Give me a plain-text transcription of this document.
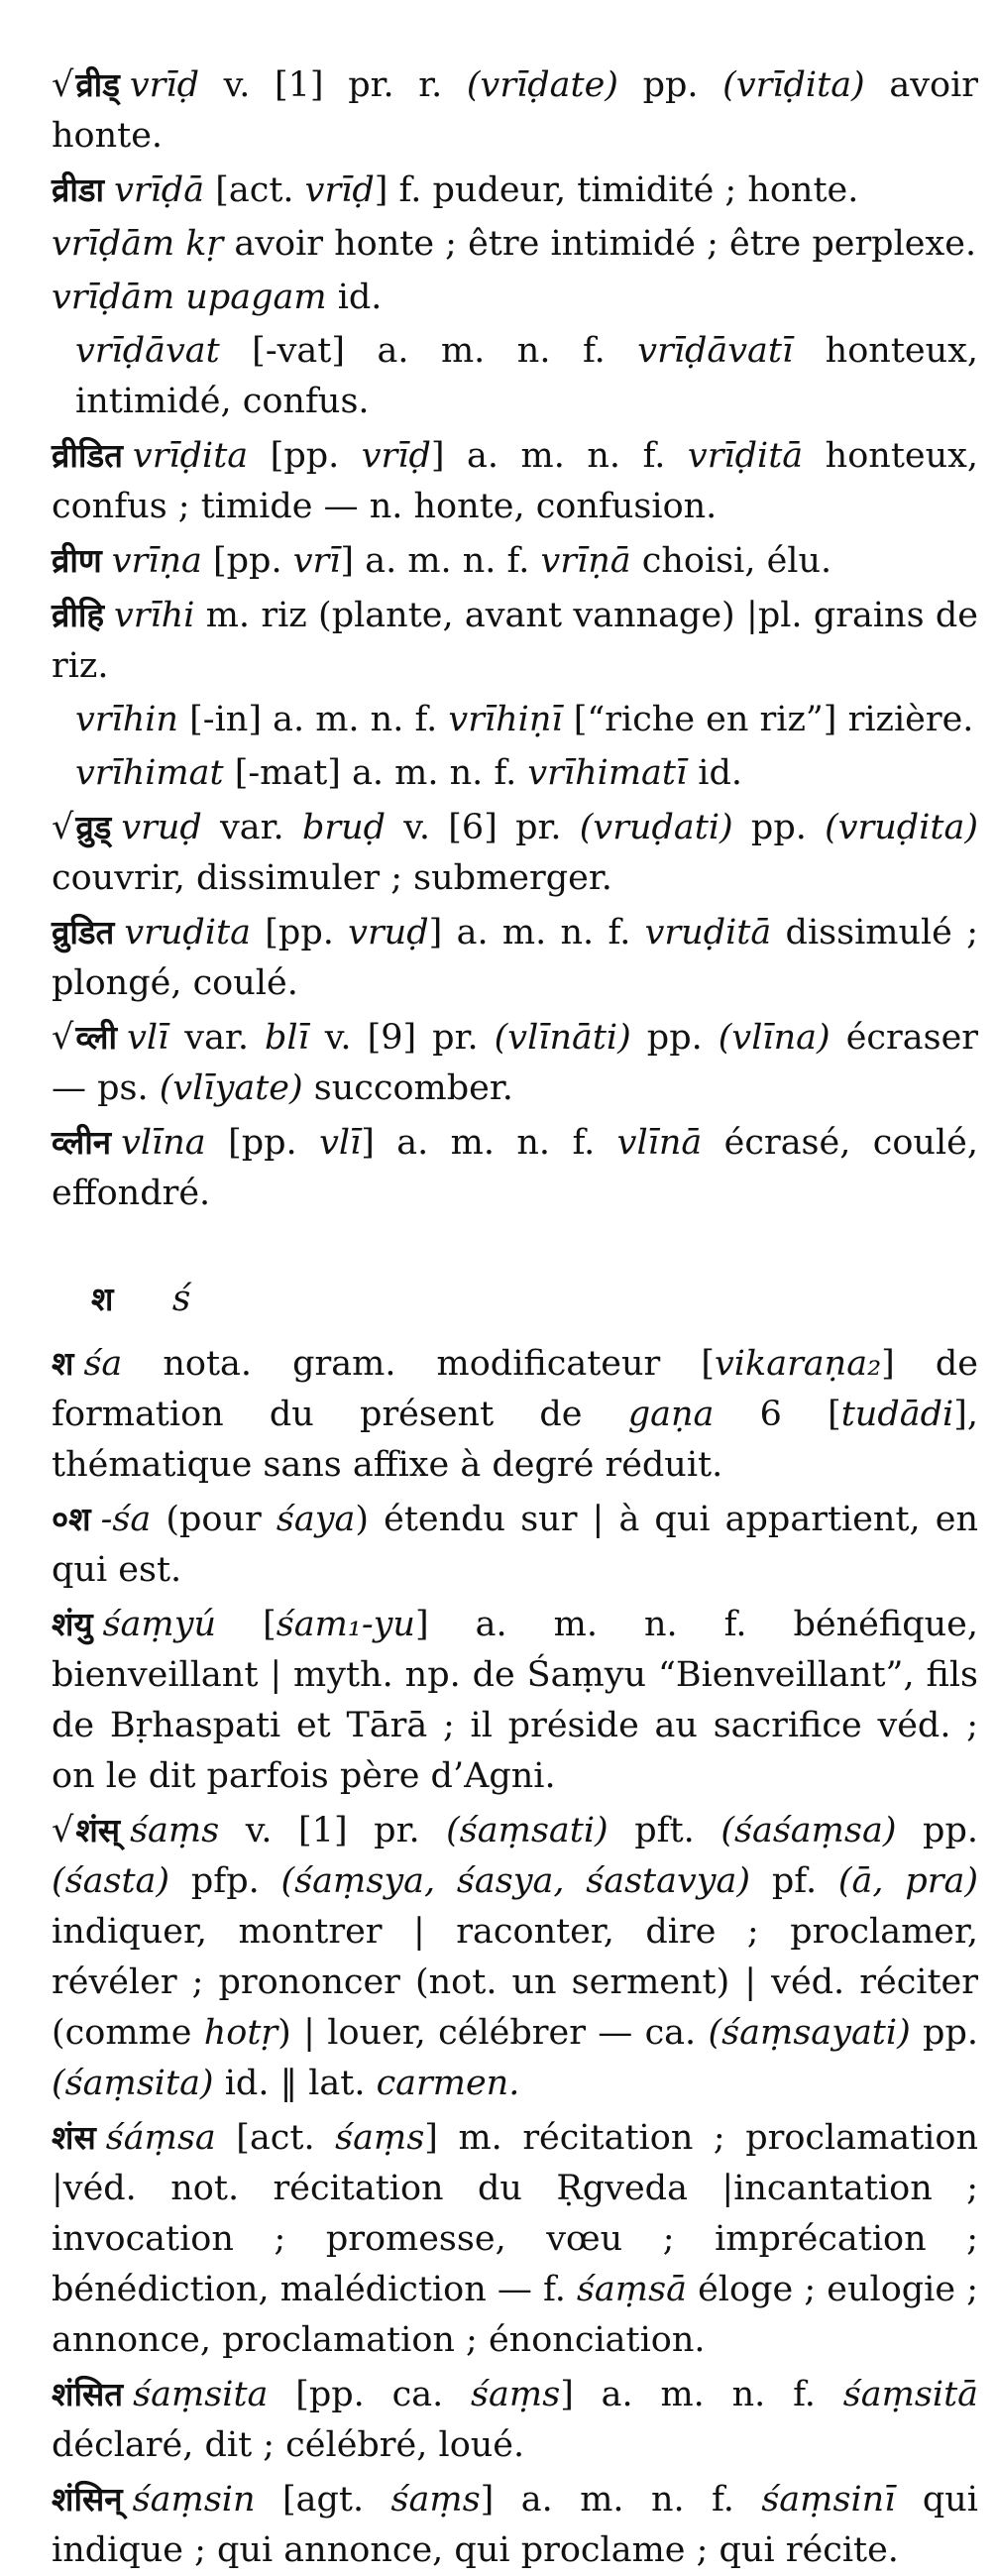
√व्रीड् vrīḍ v. [1] pr. r. (vrīḍate) pp. (vrīḍita) avoir honte.
व्रीडा vrīḍā [act. vrīḍ] f. pudeur, timidité ; honte.
vrīḍām kṛ avoir honte ; être intimidé ; être perplexe.
vrīḍām upagam id.
vrīḍāvat [-vat] a. m. n. f. vrīḍāvatī honteux, intimidé, confus.
व्रीडित vrīḍita [pp. vrīḍ] a. m. n. f. vrīḍitā honteux, confus ; timide — n. honte, confusion.
व्रीण vrīṇa [pp. vrī] a. m. n. f. vrīṇā choisi, élu.
व्रीहि vrīhi m. riz (plante, avant vannage) |pl. grains de riz.
vrīhin [-in] a. m. n. f. vrīhiṇī [“riche en riz”] rizière.
vrīhimat [-mat] a. m. n. f. vrīhimatī id.
√व्रुड् vruḍ var. bruḍ v. [6] pr. (vruḍati) pp. (vruḍita) couvrir, dissimuler ; submerger.
व्रुडित vruḍita [pp. vruḍ] a. m. n. f. vruḍitā dissimulé ; plongé, coulé.
√व्ली vlī var. blī v. [9] pr. (vlīnāti) pp. (vlīna) écraser — ps. (vlīyate) succomber.
व्लीन vlīna [pp. vlī] a. m. n. f. vlīnā écrasé, coulé, effondré.
श ś
श śa nota. gram. modificateur [vikaraṇa₂] de formation du présent de gaṇa 6 [tudādi], thématique sans affixe à degré réduit.
०श -śa (pour śaya) étendu sur | à qui appartient, en qui est.
शंयु śaṃyú [śam₁-yu] a. m. n. f. bénéfique, bienveillant | myth. np. de Śaṃyu “Bienveillant”, fils de Bṛhaspati et Tārā ; il préside au sacrifice véd. ; on le dit parfois père d’Agni.
√शंस् śaṃs v. [1] pr. (śaṃsati) pft. (śaśaṃsa) pp. (śasta) pfp. (śaṃsya, śasya, śastavya) pf. (ā, pra) indiquer, montrer | raconter, dire ; proclamer, révéler ; prononcer (not. un serment) | véd. réciter (comme hotṛ) | louer, célébrer — ca. (śaṃsayati) pp. (śaṃsita) id. ‖ lat. carmen.
शंस śáṃsa [act. śaṃs] m. récitation ; proclamation |véd. not. récitation du Ṛgveda |incantation ; invocation ; promesse, vœu ; imprécation ; bénédiction, malédiction — f. śaṃsā éloge ; eulogie ; annonce, proclamation ; énonciation.
शंसित śaṃsita [pp. ca. śaṃs] a. m. n. f. śaṃsitā déclaré, dit ; célébré, loué.
शंसिन् śaṃsin [agt. śaṃs] a. m. n. f. śaṃsinī qui indique ; qui annonce, qui proclame ; qui récite.
